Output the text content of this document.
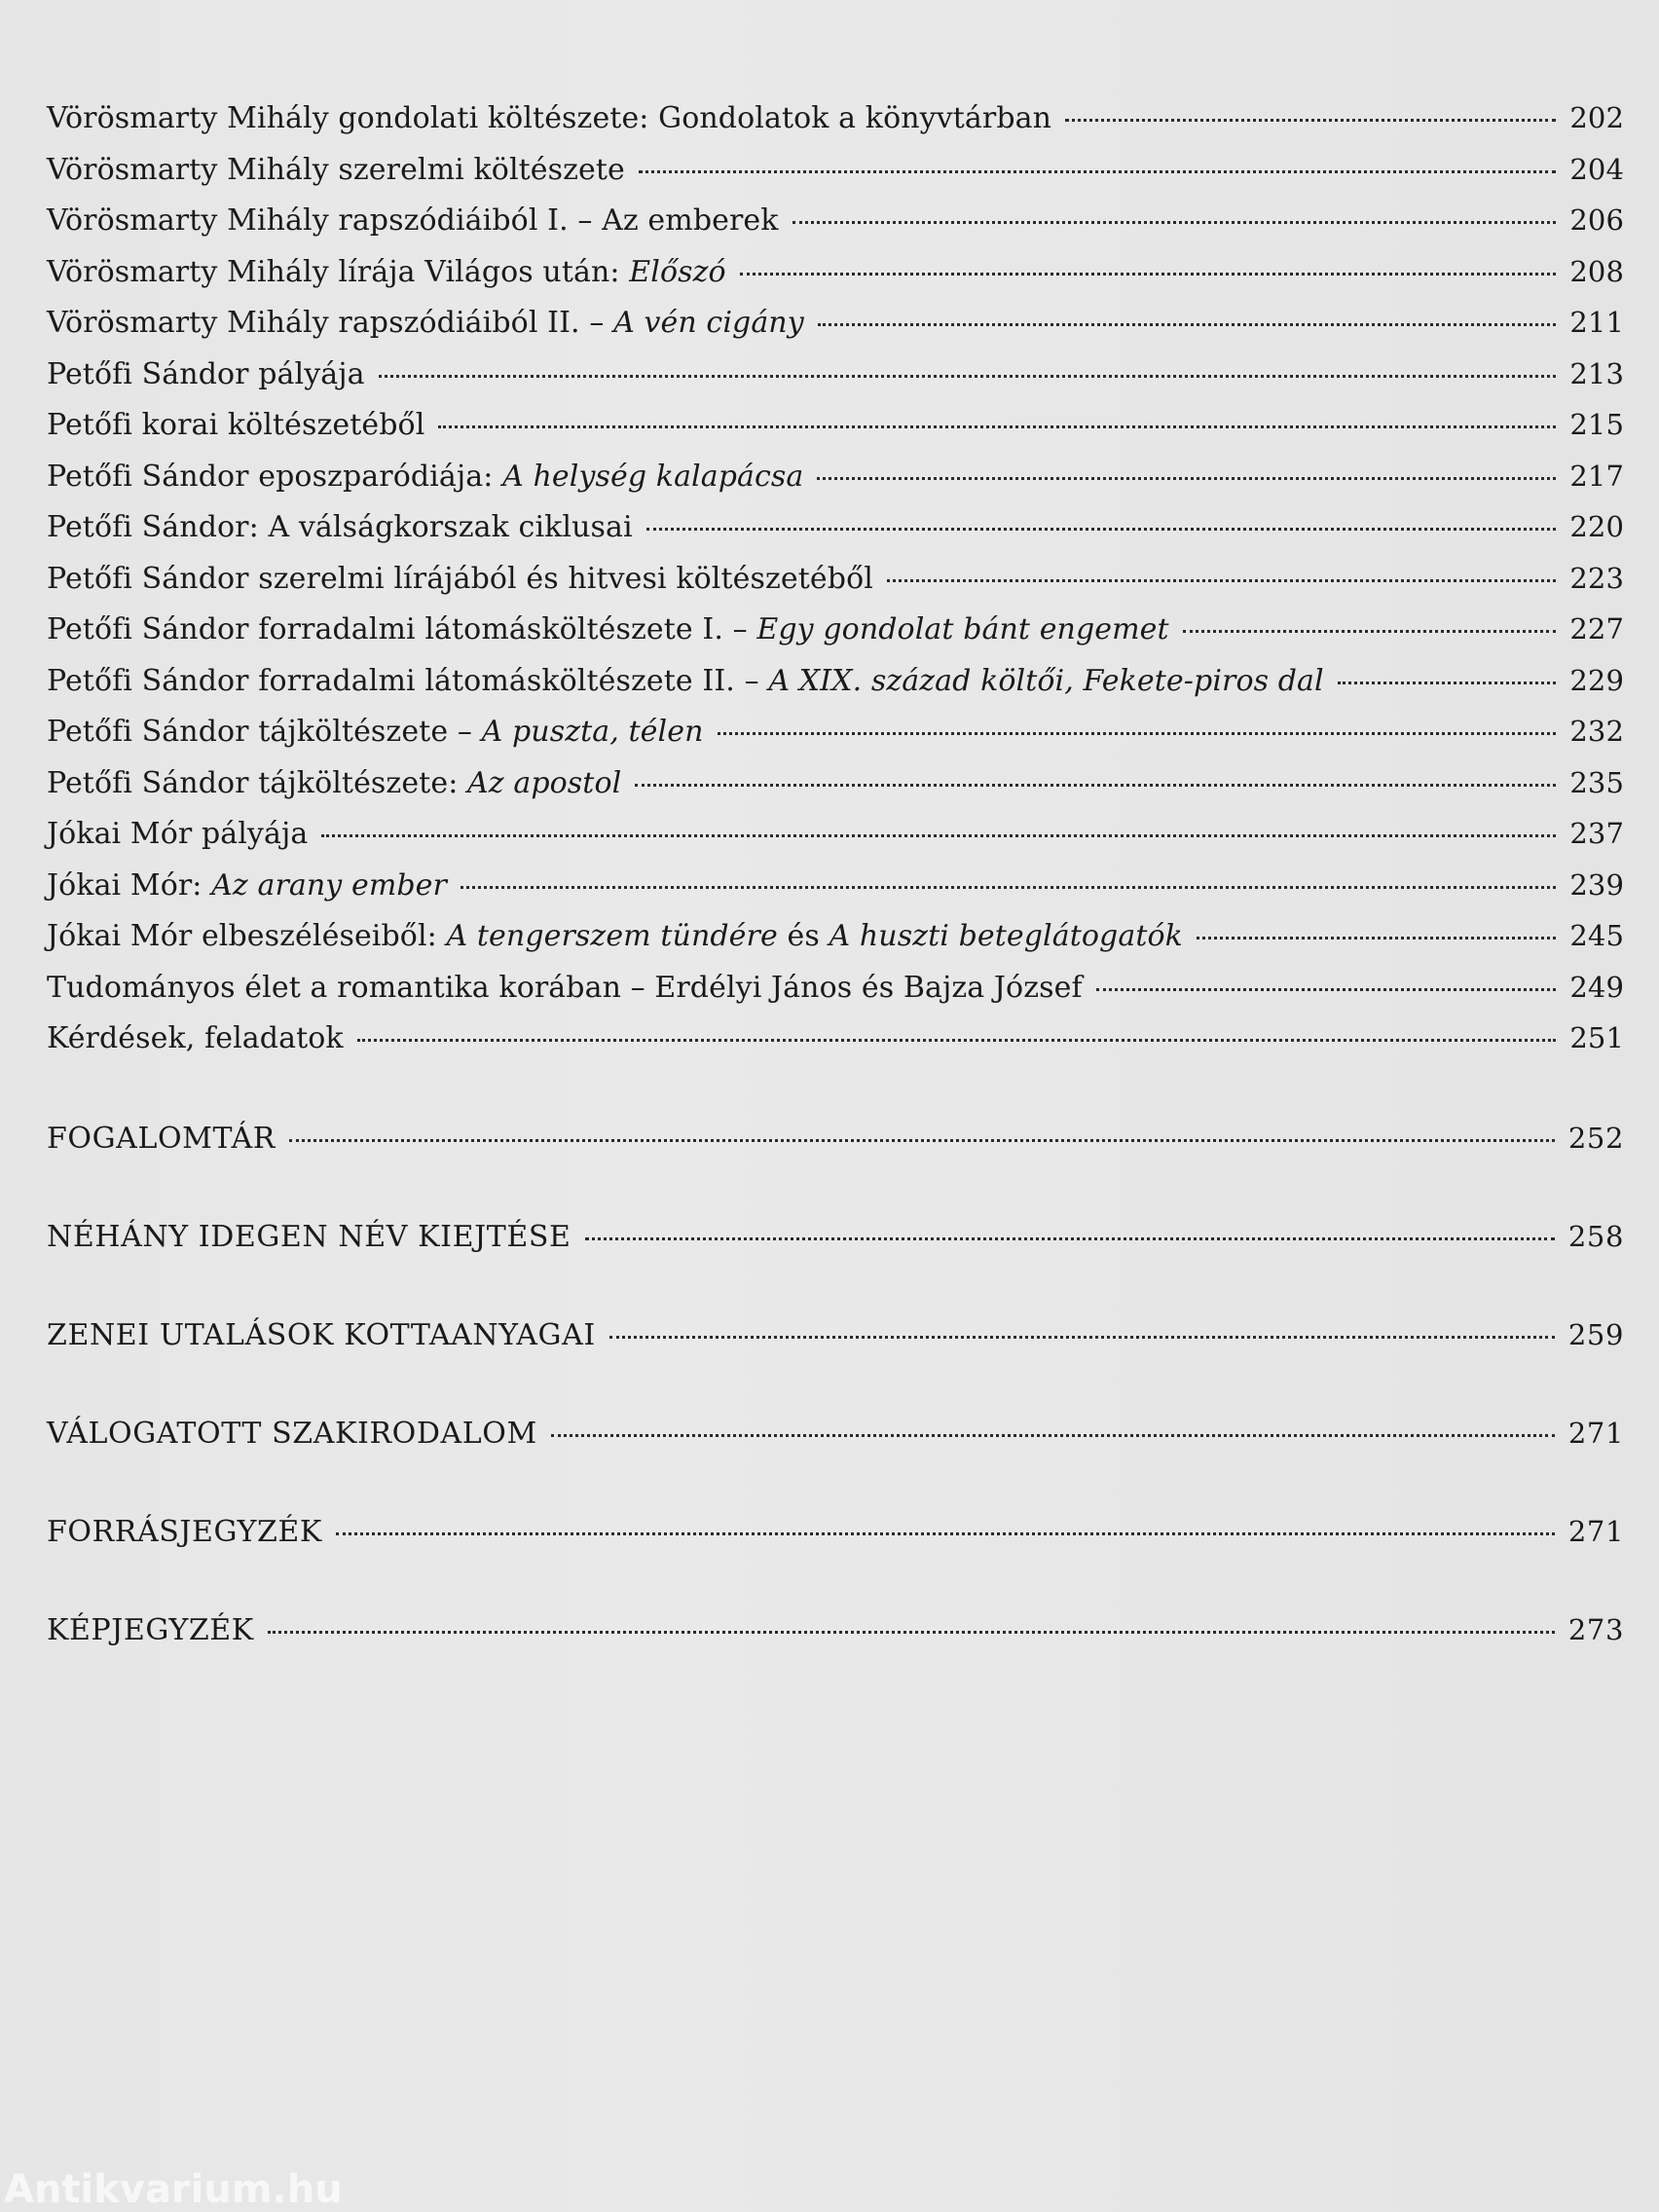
Vörösmarty Mihály gondolati költészete: Gondolatok a könyvtárban	202
Vörösmarty Mihály szerelmi költészete	204
Vörösmarty Mihály rapszódiáiból I. – Az emberek	206
Vörösmarty Mihály lírája Világos után: Előszó	208
Vörösmarty Mihály rapszódiáiból II. – A vén cigány	211
Petőfi Sándor pályája	213
Petőfi korai költészetéből	215
Petőfi Sándor eposzparódiája: A helység kalapácsa	217
Petőfi Sándor: A válságkorszak ciklusai	220
Petőfi Sándor szerelmi lírájából és hitvesi költészetéből	223
Petőfi Sándor forradalmi látomásköltészete I. – Egy gondolat bánt engemet	227
Petőfi Sándor forradalmi látomásköltészete II. – A XIX. század költői, Fekete-piros dal	229
Petőfi Sándor tájköltészete – A puszta, télen	232
Petőfi Sándor tájköltészete: Az apostol	235
Jókai Mór pályája	237
Jókai Mór: Az arany ember	239
Jókai Mór elbeszéléseiből: A tengerszem tündére és A huszti beteglátogatók	245
Tudományos élet a romantika korában – Erdélyi János és Bajza József	249
Kérdések, feladatok	251
FOGALOMTÁR	252
NÉHÁNY IDEGEN NÉV KIEJTÉSE	258
ZENEI UTALÁSOK KOTTAANYAGAI	259
VÁLOGATOTT SZAKIRODALOM	271
FORRÁSJEGYZÉK	271
KÉPJEGYZÉK	273
Antikvarium.hu
